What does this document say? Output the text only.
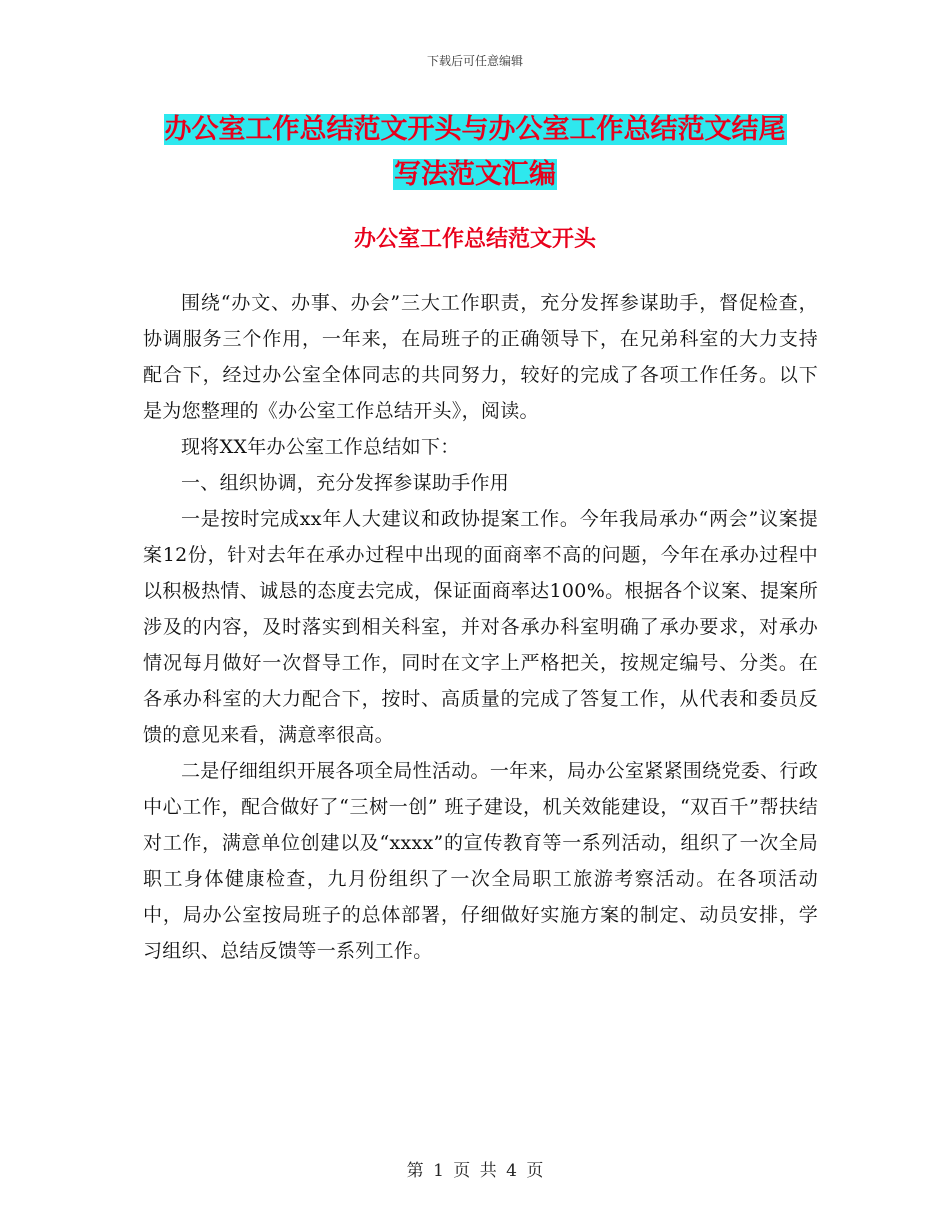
下载后可任意编辑
办公室工作总结范文开头与办公室工作总结范文结尾
写法范文汇编
办公室工作总结范文开头

围绕“办文、办事、办会”三大工作职责，充分发挥参谋助手，督促检查，协调服务三个作用，一年来，在局班子的正确领导下，在兄弟科室的大力支持配合下，经过办公室全体同志的共同努力，较好的完成了各项工作任务。以下是为您整理的《办公室工作总结开头》，阅读。

现将XX年办公室工作总结如下：

一、组织协调，充分发挥参谋助手作用

一是按时完成xx年人大建议和政协提案工作。今年我局承办“两会”议案提案12份，针对去年在承办过程中出现的面商率不高的问题，今年在承办过程中以积极热情、诚恳的态度去完成，保证面商率达100%。根据各个议案、提案所涉及的内容，及时落实到相关科室，并对各承办科室明确了承办要求，对承办情况每月做好一次督导工作，同时在文字上严格把关，按规定编号、分类。在各承办科室的大力配合下，按时、高质量的完成了答复工作，从代表和委员反馈的意见来看，满意率很高。

二是仔细组织开展各项全局性活动。一年来，局办公室紧紧围绕党委、行政中心工作，配合做好了“三树一创” 班子建设，机关效能建设，“双百千”帮扶结对工作，满意单位创建以及“xxxx”的宣传教育等一系列活动，组织了一次全局职工身体健康检查，九月份组织了一次全局职工旅游考察活动。在各项活动中，局办公室按局班子的总体部署，仔细做好实施方案的制定、动员安排，学习组织、总结反馈等一系列工作。

第 1 页 共 4 页
